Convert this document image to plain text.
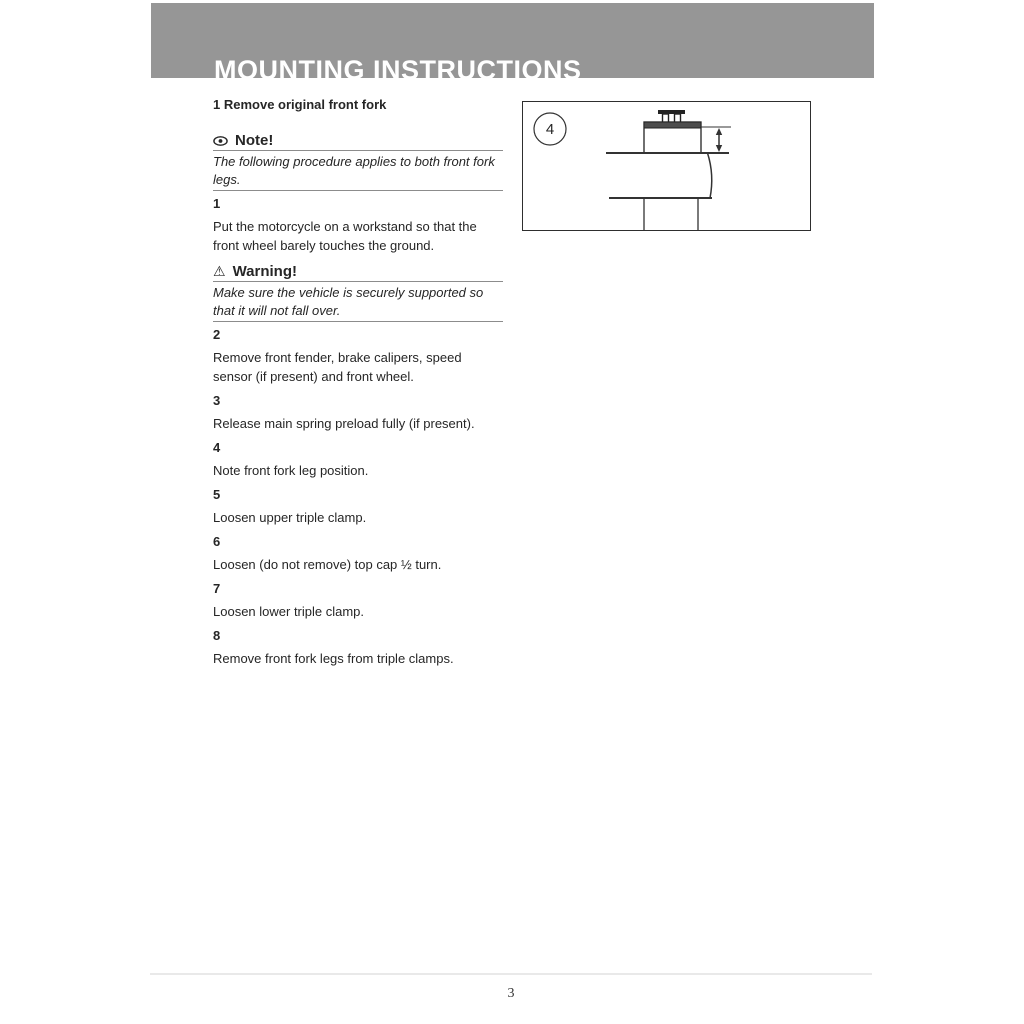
MOUNTING INSTRUCTIONS
1 Remove original front fork
Note!
The following procedure applies to both front fork legs.
1
Put the motorcycle on a workstand so that the front wheel barely touches the ground.
⚠ Warning!
Make sure the vehicle is securely supported so that it will not fall over.
2
Remove front fender, brake calipers, speed sensor (if present) and front wheel.
3
Release main spring preload fully (if present).
4
Note front fork leg position.
5
Loosen upper triple clamp.
6
Loosen (do not remove) top cap ½ turn.
7
Loosen lower triple clamp.
8
Remove front fork legs from triple clamps.
4
3
